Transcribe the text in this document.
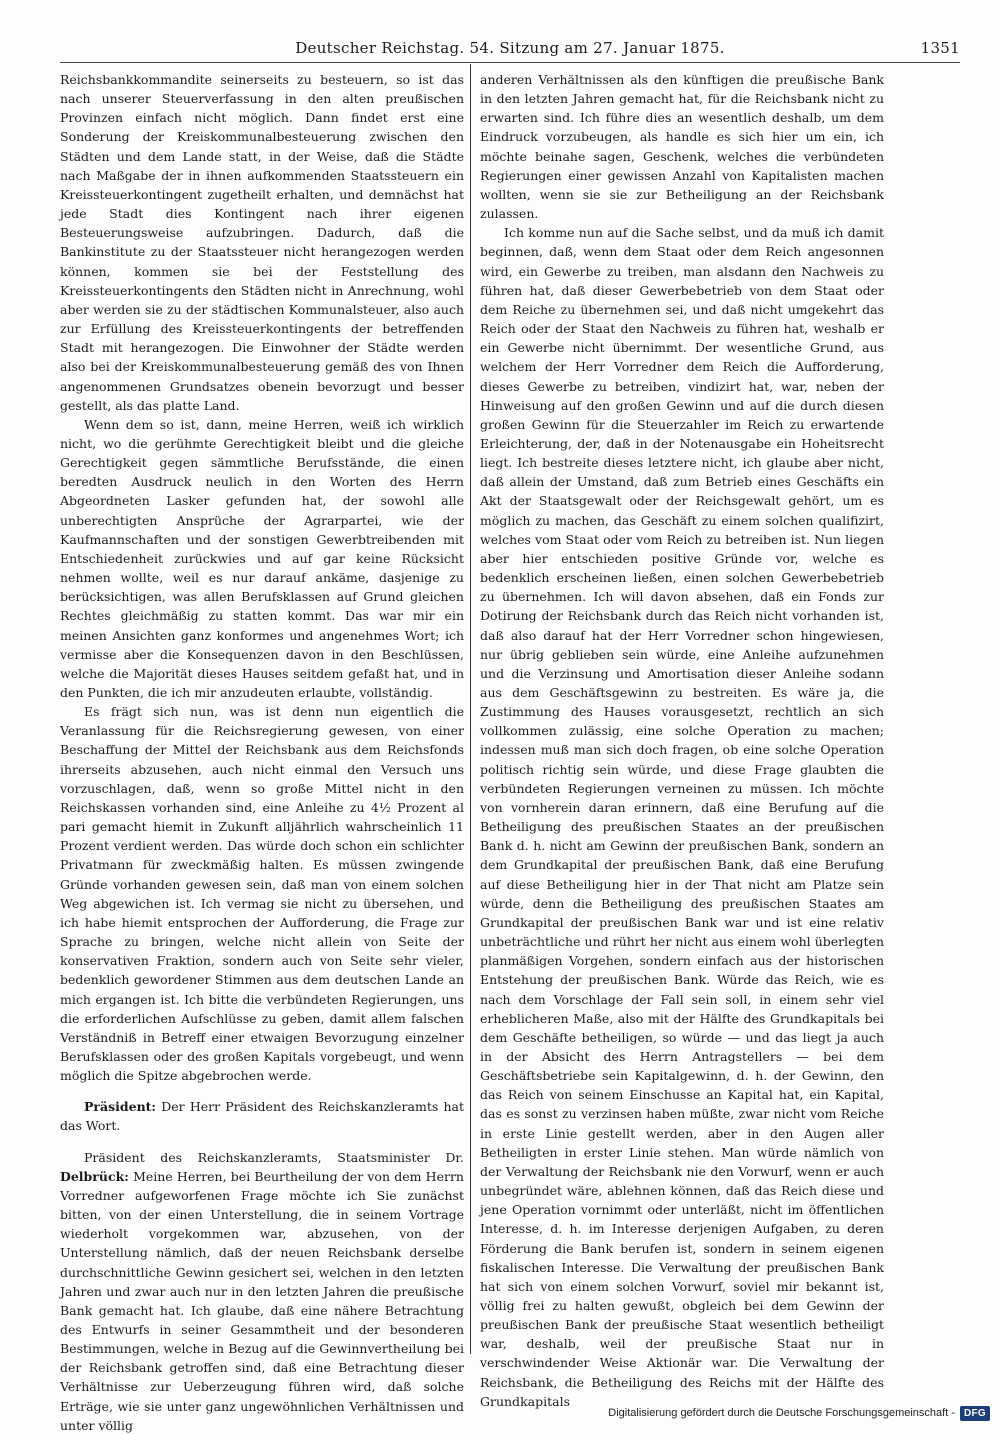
Deutscher Reichstag. 54. Sitzung am 27. Januar 1875.	1351

Reichsbankkommandite seinerseits zu besteuern, so ist das nach unserer Steuerverfassung in den alten preußischen Provinzen einfach nicht möglich. Dann findet erst eine Sonderung der Kreiskommunalbesteuerung zwischen den Städten und dem Lande statt, in der Weise, daß die Städte nach Maßgabe der in ihnen aufkommenden Staatssteuern ein Kreissteuerkontingent zugetheilt erhalten, und demnächst hat jede Stadt dies Kontingent nach ihrer eigenen Besteuerungsweise aufzubringen. Dadurch, daß die Bankinstitute zu der Staatssteuer nicht herangezogen werden können, kommen sie bei der Feststellung des Kreissteuerkontingents den Städten nicht in Anrechnung, wohl aber werden sie zu der städtischen Kommunalsteuer, also auch zur Erfüllung des Kreissteuerkontingents der betreffenden Stadt mit herangezogen. Die Einwohner der Städte werden also bei der Kreiskommunalbesteuerung gemäß des von Ihnen angenommenen Grundsatzes obenein bevorzugt und besser gestellt, als das platte Land.

Wenn dem so ist, dann, meine Herren, weiß ich wirklich nicht, wo die gerühmte Gerechtigkeit bleibt und die gleiche Gerechtigkeit gegen sämmtliche Berufsstände, die einen beredten Ausdruck neulich in den Worten des Herrn Abgeordneten Lasker gefunden hat, der sowohl alle unberechtigten Ansprüche der Agrarpartei, wie der Kaufmannschaften und der sonstigen Gewerbtreibenden mit Entschiedenheit zurückwies und auf gar keine Rücksicht nehmen wollte, weil es nur darauf ankäme, dasjenige zu berücksichtigen, was allen Berufsklassen auf Grund gleichen Rechtes gleichmäßig zu statten kommt. Das war mir ein meinen Ansichten ganz konformes und angenehmes Wort; ich vermisse aber die Konsequenzen davon in den Beschlüssen, welche die Majorität dieses Hauses seitdem gefaßt hat, und in den Punkten, die ich mir anzudeuten erlaubte, vollständig.

Es frägt sich nun, was ist denn nun eigentlich die Veranlassung für die Reichsregierung gewesen, von einer Beschaffung der Mittel der Reichsbank aus dem Reichsfonds ihrerseits abzusehen, auch nicht einmal den Versuch uns vorzuschlagen, daß, wenn so große Mittel nicht in den Reichskassen vorhanden sind, eine Anleihe zu 4½ Prozent al pari gemacht hiemit in Zukunft alljährlich wahrscheinlich 11 Prozent verdient werden. Das würde doch schon ein schlichter Privatmann für zweckmäßig halten. Es müssen zwingende Gründe vorhanden gewesen sein, daß man von einem solchen Weg abgewichen ist. Ich vermag sie nicht zu übersehen, und ich habe hiemit entsprochen der Aufforderung, die Frage zur Sprache zu bringen, welche nicht allein von Seite der konservativen Fraktion, sondern auch von Seite sehr vieler, bedenklich gewordener Stimmen aus dem deutschen Lande an mich ergangen ist. Ich bitte die verbündeten Regierungen, uns die erforderlichen Aufschlüsse zu geben, damit allem falschen Verständniß in Betreff einer etwaigen Bevorzugung einzelner Berufsklassen oder des großen Kapitals vorgebeugt, und wenn möglich die Spitze abgebrochen werde.

Präsident: Der Herr Präsident des Reichskanzleramts hat das Wort.

Präsident des Reichskanzleramts, Staatsminister Dr. Delbrück: Meine Herren, bei Beurtheilung der von dem Herrn Vorredner aufgeworfenen Frage möchte ich Sie zunächst bitten, von der einen Unterstellung, die in seinem Vortrage wiederholt vorgekommen war, abzusehen, von der Unterstellung nämlich, daß der neuen Reichsbank derselbe durchschnittliche Gewinn gesichert sei, welchen in den letzten Jahren und zwar auch nur in den letzten Jahren die preußische Bank gemacht hat. Ich glaube, daß eine nähere Betrachtung des Entwurfs in seiner Gesammtheit und der besonderen Bestimmungen, welche in Bezug auf die Gewinnvertheilung bei der Reichsbank getroffen sind, daß eine Betrachtung dieser Verhältnisse zur Ueberzeugung führen wird, daß solche Erträge, wie sie unter ganz ungewöhnlichen Verhältnissen und unter völlig

anderen Verhältnissen als den künftigen die preußische Bank in den letzten Jahren gemacht hat, für die Reichsbank nicht zu erwarten sind. Ich führe dies an wesentlich deshalb, um dem Eindruck vorzubeugen, als handle es sich hier um ein, ich möchte beinahe sagen, Geschenk, welches die verbündeten Regierungen einer gewissen Anzahl von Kapitalisten machen wollten, wenn sie sie zur Betheiligung an der Reichsbank zulassen.

Ich komme nun auf die Sache selbst, und da muß ich damit beginnen, daß, wenn dem Staat oder dem Reich angesonnen wird, ein Gewerbe zu treiben, man alsdann den Nachweis zu führen hat, daß dieser Gewerbebetrieb von dem Staat oder dem Reiche zu übernehmen sei, und daß nicht umgekehrt das Reich oder der Staat den Nachweis zu führen hat, weshalb er ein Gewerbe nicht übernimmt. Der wesentliche Grund, aus welchem der Herr Vorredner dem Reich die Aufforderung, dieses Gewerbe zu betreiben, vindizirt hat, war, neben der Hinweisung auf den großen Gewinn und auf die durch diesen großen Gewinn für die Steuerzahler im Reich zu erwartende Erleichterung, der, daß in der Notenausgabe ein Hoheitsrecht liegt. Ich bestreite dieses letztere nicht, ich glaube aber nicht, daß allein der Umstand, daß zum Betrieb eines Geschäfts ein Akt der Staatsgewalt oder der Reichsgewalt gehört, um es möglich zu machen, das Geschäft zu einem solchen qualifizirt, welches vom Staat oder vom Reich zu betreiben ist. Nun liegen aber hier entschieden positive Gründe vor, welche es bedenklich erscheinen ließen, einen solchen Gewerbebetrieb zu übernehmen. Ich will davon absehen, daß ein Fonds zur Dotirung der Reichsbank durch das Reich nicht vorhanden ist, daß also darauf hat der Herr Vorredner schon hingewiesen, nur übrig geblieben sein würde, eine Anleihe aufzunehmen und die Verzinsung und Amortisation dieser Anleihe sodann aus dem Geschäftsgewinn zu bestreiten. Es wäre ja, die Zustimmung des Hauses vorausgesetzt, rechtlich an sich vollkommen zulässig, eine solche Operation zu machen; indessen muß man sich doch fragen, ob eine solche Operation politisch richtig sein würde, und diese Frage glaubten die verbündeten Regierungen verneinen zu müssen. Ich möchte von vornherein daran erinnern, daß eine Berufung auf die Betheiligung des preußischen Staates an der preußischen Bank d. h. nicht am Gewinn der preußischen Bank, sondern an dem Grundkapital der preußischen Bank, daß eine Berufung auf diese Betheiligung hier in der That nicht am Platze sein würde, denn die Betheiligung des preußischen Staates am Grundkapital der preußischen Bank war und ist eine relativ unbeträchtliche und rührt her nicht aus einem wohl überlegten planmäßigen Vorgehen, sondern einfach aus der historischen Entstehung der preußischen Bank. Würde das Reich, wie es nach dem Vorschlage der Fall sein soll, in einem sehr viel erheblicheren Maße, also mit der Hälfte des Grundkapitals bei dem Geschäfte betheiligen, so würde — und das liegt ja auch in der Absicht des Herrn Antragstellers — bei dem Geschäftsbetriebe sein Kapitalgewinn, d. h. der Gewinn, den das Reich von seinem Einschusse an Kapital hat, ein Kapital, das es sonst zu verzinsen haben müßte, zwar nicht vom Reiche in erste Linie gestellt werden, aber in den Augen aller Betheiligten in erster Linie stehen. Man würde nämlich von der Verwaltung der Reichsbank nie den Vorwurf, wenn er auch unbegründet wäre, ablehnen können, daß das Reich diese und jene Operation vornimmt oder unterläßt, nicht im öffentlichen Interesse, d. h. im Interesse derjenigen Aufgaben, zu deren Förderung die Bank berufen ist, sondern in seinem eigenen fiskalischen Interesse. Die Verwaltung der preußischen Bank hat sich von einem solchen Vorwurf, soviel mir bekannt ist, völlig frei zu halten gewußt, obgleich bei dem Gewinn der preußischen Bank der preußische Staat wesentlich betheiligt war, deshalb, weil der preußische Staat nur in verschwindender Weise Aktionär war. Die Verwaltung der Reichsbank, die Betheiligung des Reichs mit der Hälfte des Grundkapitals

Digitalisierung gefördert durch die Deutsche Forschungsgemeinschaft - DFG
